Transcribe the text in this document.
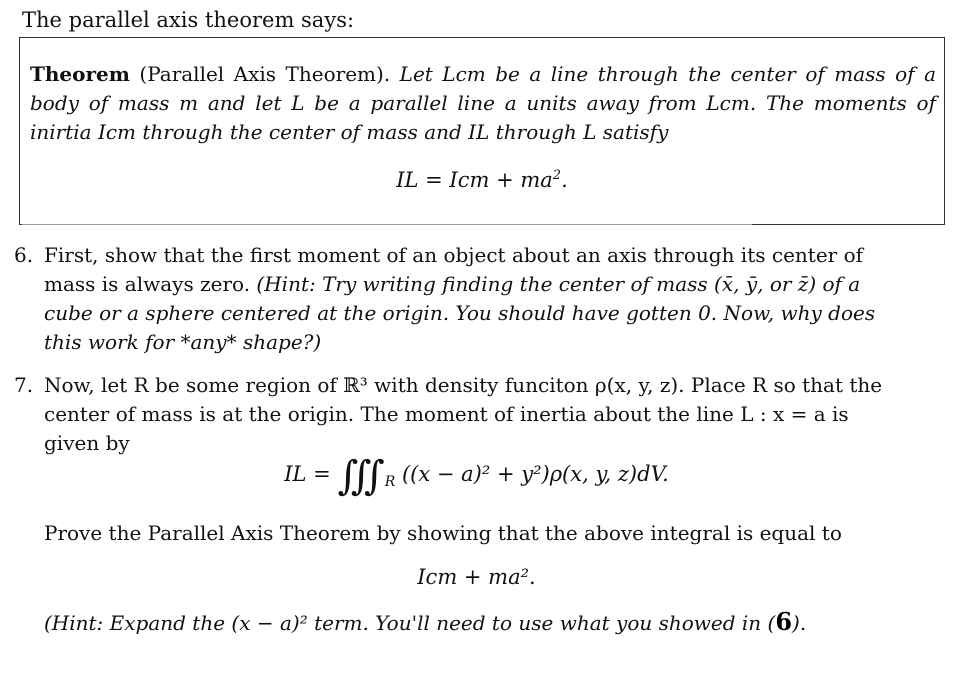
The parallel axis theorem says:
Theorem (Parallel Axis Theorem). Let Lcm be a line through the center of mass of a body of mass m and let L be a parallel line a units away from Lcm. The moments of inirtia Icm through the center of mass and IL through L satisfy
IL = Icm + $ma^2$.
6. First, show that the first moment of an object about an axis through its center of mass is always zero. (Hint: Try writing finding the center of mass (x̄, ȳ, or z̄) of a cube or a sphere centered at the origin. You should have gotten 0. Now, why does this work for *any* shape?)
7. Now, let R be some region of ℝ³ with density funciton ρ(x, y, z). Place R so that the center of mass is at the origin. The moment of inertia about the line L : x = a is given by
IL = $∭_R$ ((x − a)² + y²)ρ(x, y, z)dV.
Prove the Parallel Axis Theorem by showing that the above integral is equal to
Icm + ma².
(Hint: Expand the (x − a)² term. You'll need to use what you showed in (6).
